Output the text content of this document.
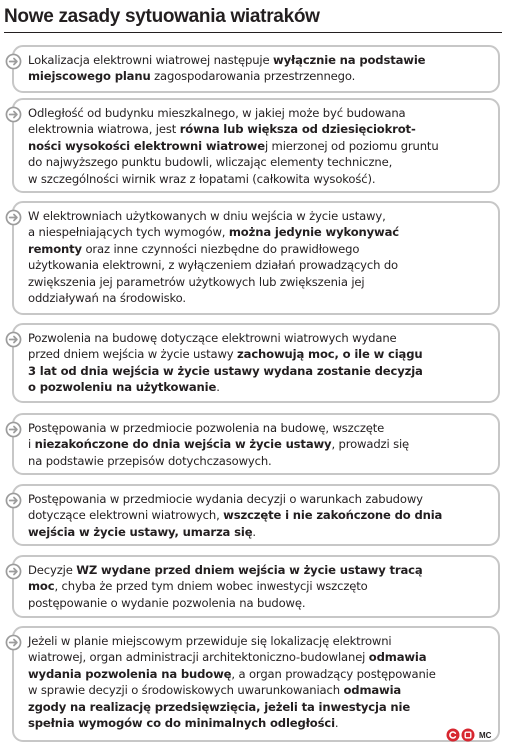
Nowe zasady sytuowania wiatraków

Lokalizacja elektrowni wiatrowej następuje wyłącznie na podstawie
miejscowego planu zagospodarowania przestrzennego.

Odległość od budynku mieszkalnego, w jakiej może być budowana
elektrownia wiatrowa, jest równa lub większa od dziesięciokrot-
ności wysokości elektrowni wiatrowej mierzonej od poziomu gruntu
do najwyższego punktu budowli, wliczając elementy techniczne,
w szczególności wirnik wraz z łopatami (całkowita wysokość).

W elektrowniach użytkowanych w dniu wejścia w życie ustawy,
a niespełniających tych wymogów, można jedynie wykonywać
remonty oraz inne czynności niezbędne do prawidłowego
użytkowania elektrowni, z wyłączeniem działań prowadzących do
zwiększenia jej parametrów użytkowych lub zwiększenia jej
oddziaływań na środowisko.

Pozwolenia na budowę dotyczące elektrowni wiatrowych wydane
przed dniem wejścia w życie ustawy zachowują moc, o ile w ciągu
3 lat od dnia wejścia w życie ustawy wydana zostanie decyzja
o pozwoleniu na użytkowanie.

Postępowania w przedmiocie pozwolenia na budowę, wszczęte
i niezakończone do dnia wejścia w życie ustawy, prowadzi się
na podstawie przepisów dotychczasowych.

Postępowania w przedmiocie wydania decyzji o warunkach zabudowy
dotyczące elektrowni wiatrowych, wszczęte i nie zakończone do dnia
wejścia w życie ustawy, umarza się.

Decyzje WZ wydane przed dniem wejścia w życie ustawy tracą
moc, chyba że przed tym dniem wobec inwestycji wszczęto
postępowanie o wydanie pozwolenia na budowę.

Jeżeli w planie miejscowym przewiduje się lokalizację elektrowni
wiatrowej, organ administracji architektoniczno-budowlanej odmawia
wydania pozwolenia na budowę, a organ prowadzący postępowanie
w sprawie decyzji o środowiskowych uwarunkowaniach odmawia
zgody na realizację przedsięwzięcia, jeżeli ta inwestycja nie
spełnia wymogów co do minimalnych odległości.

MC
